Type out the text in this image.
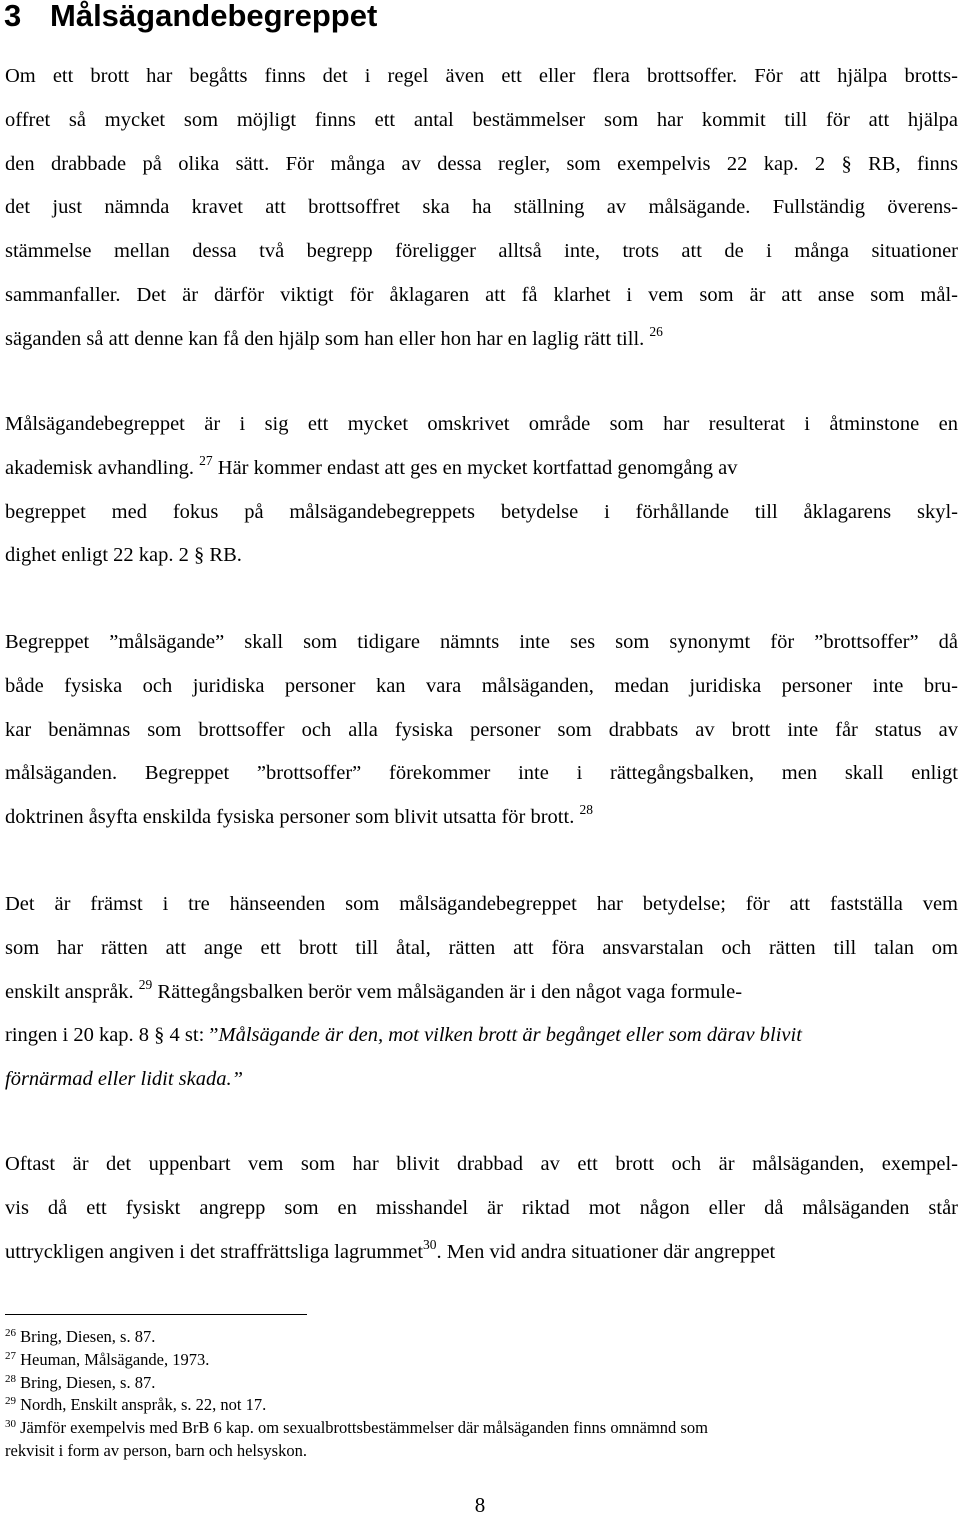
3 Målsägandebegreppet

Om ett brott har begåtts finns det i regel även ett eller flera brottsoffer. För att hjälpa brotts-
offret så mycket som möjligt finns ett antal bestämmelser som har kommit till för att hjälpa
den drabbade på olika sätt. För många av dessa regler, som exempelvis 22 kap. 2 § RB, finns
det just nämnda kravet att brottsoffret ska ha ställning av målsägande. Fullständig överens-
stämmelse mellan dessa två begrepp föreligger alltså inte, trots att de i många situationer
sammanfaller. Det är därför viktigt för åklagaren att få klarhet i vem som är att anse som mål-
säganden så att denne kan få den hjälp som han eller hon har en laglig rätt till. $^{26}$

Målsägandebegreppet är i sig ett mycket omskrivet område som har resulterat i åtminstone en
akademisk avhandling. $^{27}$ Här kommer endast att ges en mycket kortfattad genomgång av
begreppet med fokus på målsägandebegreppets betydelse i förhållande till åklagarens skyl-
dighet enligt 22 kap. 2 § RB.

Begreppet ”målsägande” skall som tidigare nämnts inte ses som synonymt för ”brottsoffer” då
både fysiska och juridiska personer kan vara målsäganden, medan juridiska personer inte bru-
kar benämnas som brottsoffer och alla fysiska personer som drabbats av brott inte får status av
målsäganden. Begreppet ”brottsoffer” förekommer inte i rättegångsbalken, men skall enligt
doktrinen åsyfta enskilda fysiska personer som blivit utsatta för brott. $^{28}$

Det är främst i tre hänseenden som målsägandebegreppet har betydelse; för att fastställa vem
som har rätten att ange ett brott till åtal, rätten att föra ansvarstalan och rätten till talan om
enskilt anspråk. $^{29}$ Rättegångsbalken berör vem målsäganden är i den något vaga formule-
ringen i 20 kap. 8 § 4 st: ”Målsägande är den, mot vilken brott är begånget eller som därav blivit
förnärmad eller lidit skada.”

Oftast är det uppenbart vem som har blivit drabbad av ett brott och är målsäganden, exempel-
vis då ett fysiskt angrepp som en misshandel är riktad mot någon eller då målsäganden står
uttryckligen angiven i det straffrättsliga lagrummet$^{30}$. Men vid andra situationer där angreppet

$^{26}$ Bring, Diesen, s. 87.
$^{27}$ Heuman, Målsägande, 1973.
$^{28}$ Bring, Diesen, s. 87.
$^{29}$ Nordh, Enskilt anspråk, s. 22, not 17.
$^{30}$ Jämför exempelvis med BrB 6 kap. om sexualbrottsbestämmelser där målsäganden finns omnämnd som
rekvisit i form av person, barn och helsyskon.
8
